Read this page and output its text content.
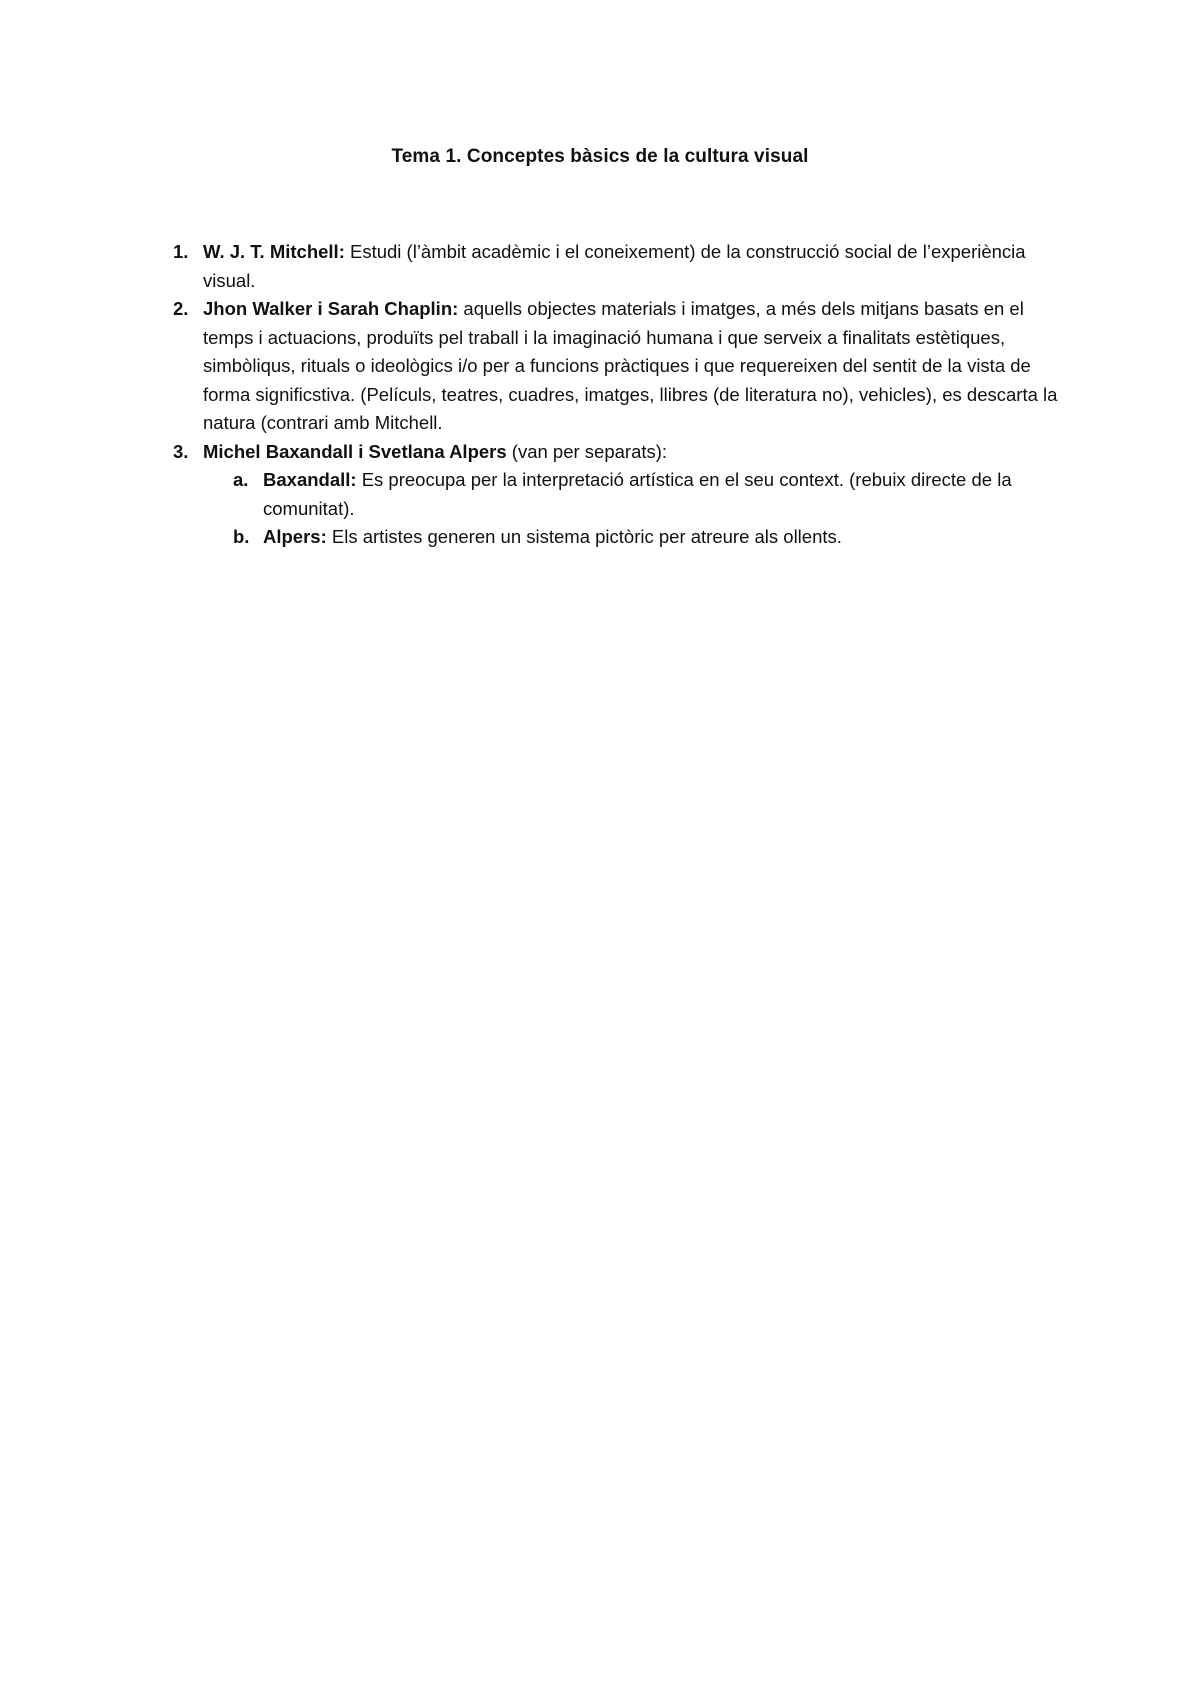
Tema 1. Conceptes bàsics de la cultura visual
1. W. J. T. Mitchell: Estudi (l’àmbit acadèmic i el coneixement) de la construcció social de l’experiència visual.
2. Jhon Walker i Sarah Chaplin: aquells objectes materials i imatges, a més dels mitjans basats en el temps i actuacions, produïts pel traball i la imaginació humana i que serveix a finalitats estètiques, simbòliqus, rituals o ideològics i/o per a funcions pràctiques i que requereixen del sentit de la vista de forma significstiva. (Películs, teatres, cuadres, imatges, llibres (de literatura no), vehicles), es descarta la natura (contrari amb Mitchell.
3. Michel Baxandall i Svetlana Alpers (van per separats):
a. Baxandall: Es preocupa per la interpretació artística en el seu context. (rebuix directe de la comunitat).
b. Alpers: Els artistes generen un sistema pictòric per atreure als ollents.
